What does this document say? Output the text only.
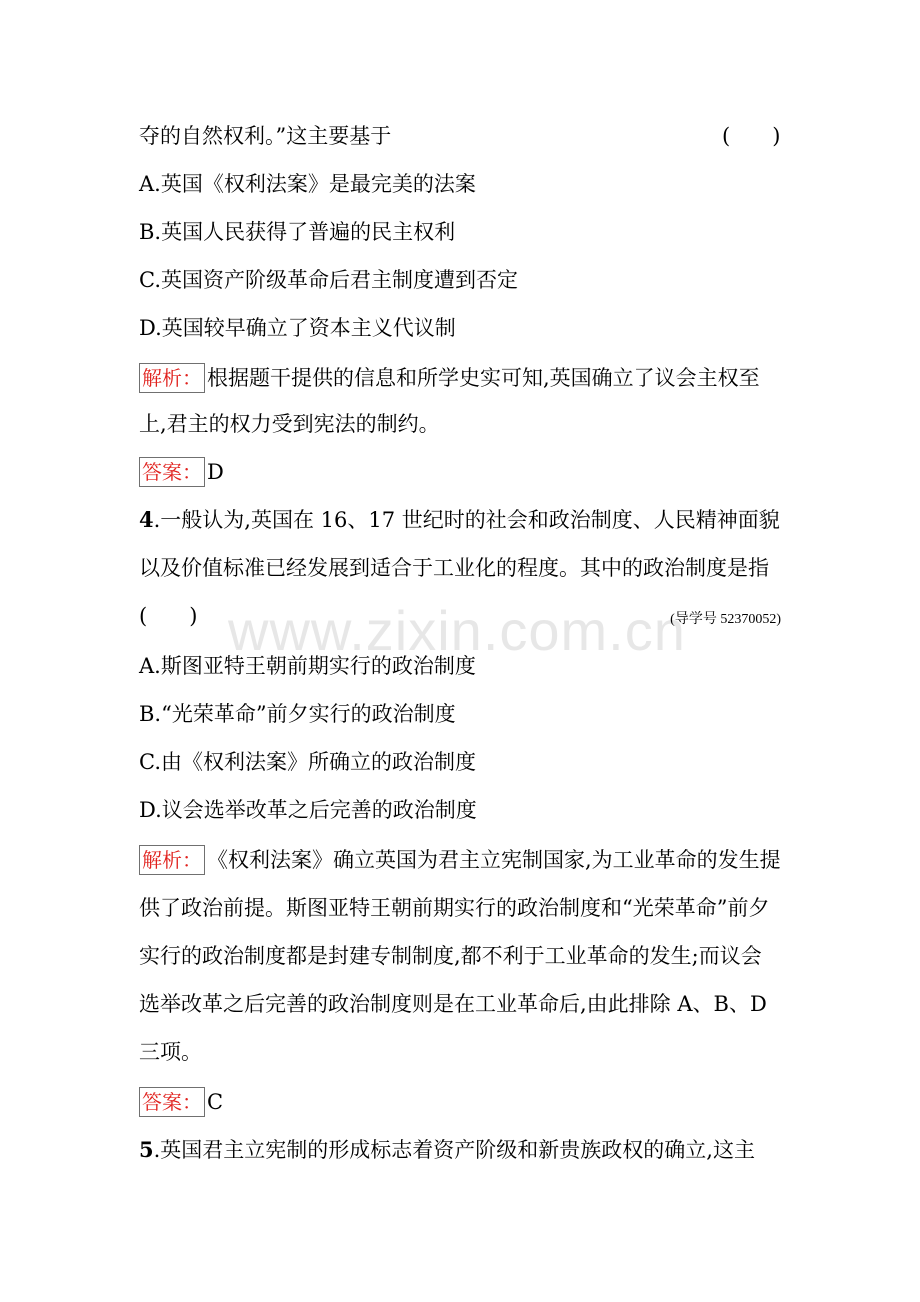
www.zixin.com.cn
夺的自然权利。”这主要基于	(　　)
A.英国《权利法案》是最完美的法案
B.英国人民获得了普遍的民主权利
C.英国资产阶级革命后君主制度遭到否定
D.英国较早确立了资本主义代议制
解析： 根据题干提供的信息和所学史实可知,英国确立了议会主权至
上,君主的权力受到宪法的制约。
答案： D
4.一般认为,英国在 16、17 世纪时的社会和政治制度、人民精神面貌
以及价值标准已经发展到适合于工业化的程度。其中的政治制度是指
(　　)	(导学号 52370052)
A.斯图亚特王朝前期实行的政治制度
B.“光荣革命”前夕实行的政治制度
C.由《权利法案》所确立的政治制度
D.议会选举改革之后完善的政治制度
解析： 《权利法案》确立英国为君主立宪制国家,为工业革命的发生提
供了政治前提。斯图亚特王朝前期实行的政治制度和“光荣革命”前夕
实行的政治制度都是封建专制制度,都不利于工业革命的发生;而议会
选举改革之后完善的政治制度则是在工业革命后,由此排除 A、B、D
三项。
答案： C
5.英国君主立宪制的形成标志着资产阶级和新贵族政权的确立,这主
